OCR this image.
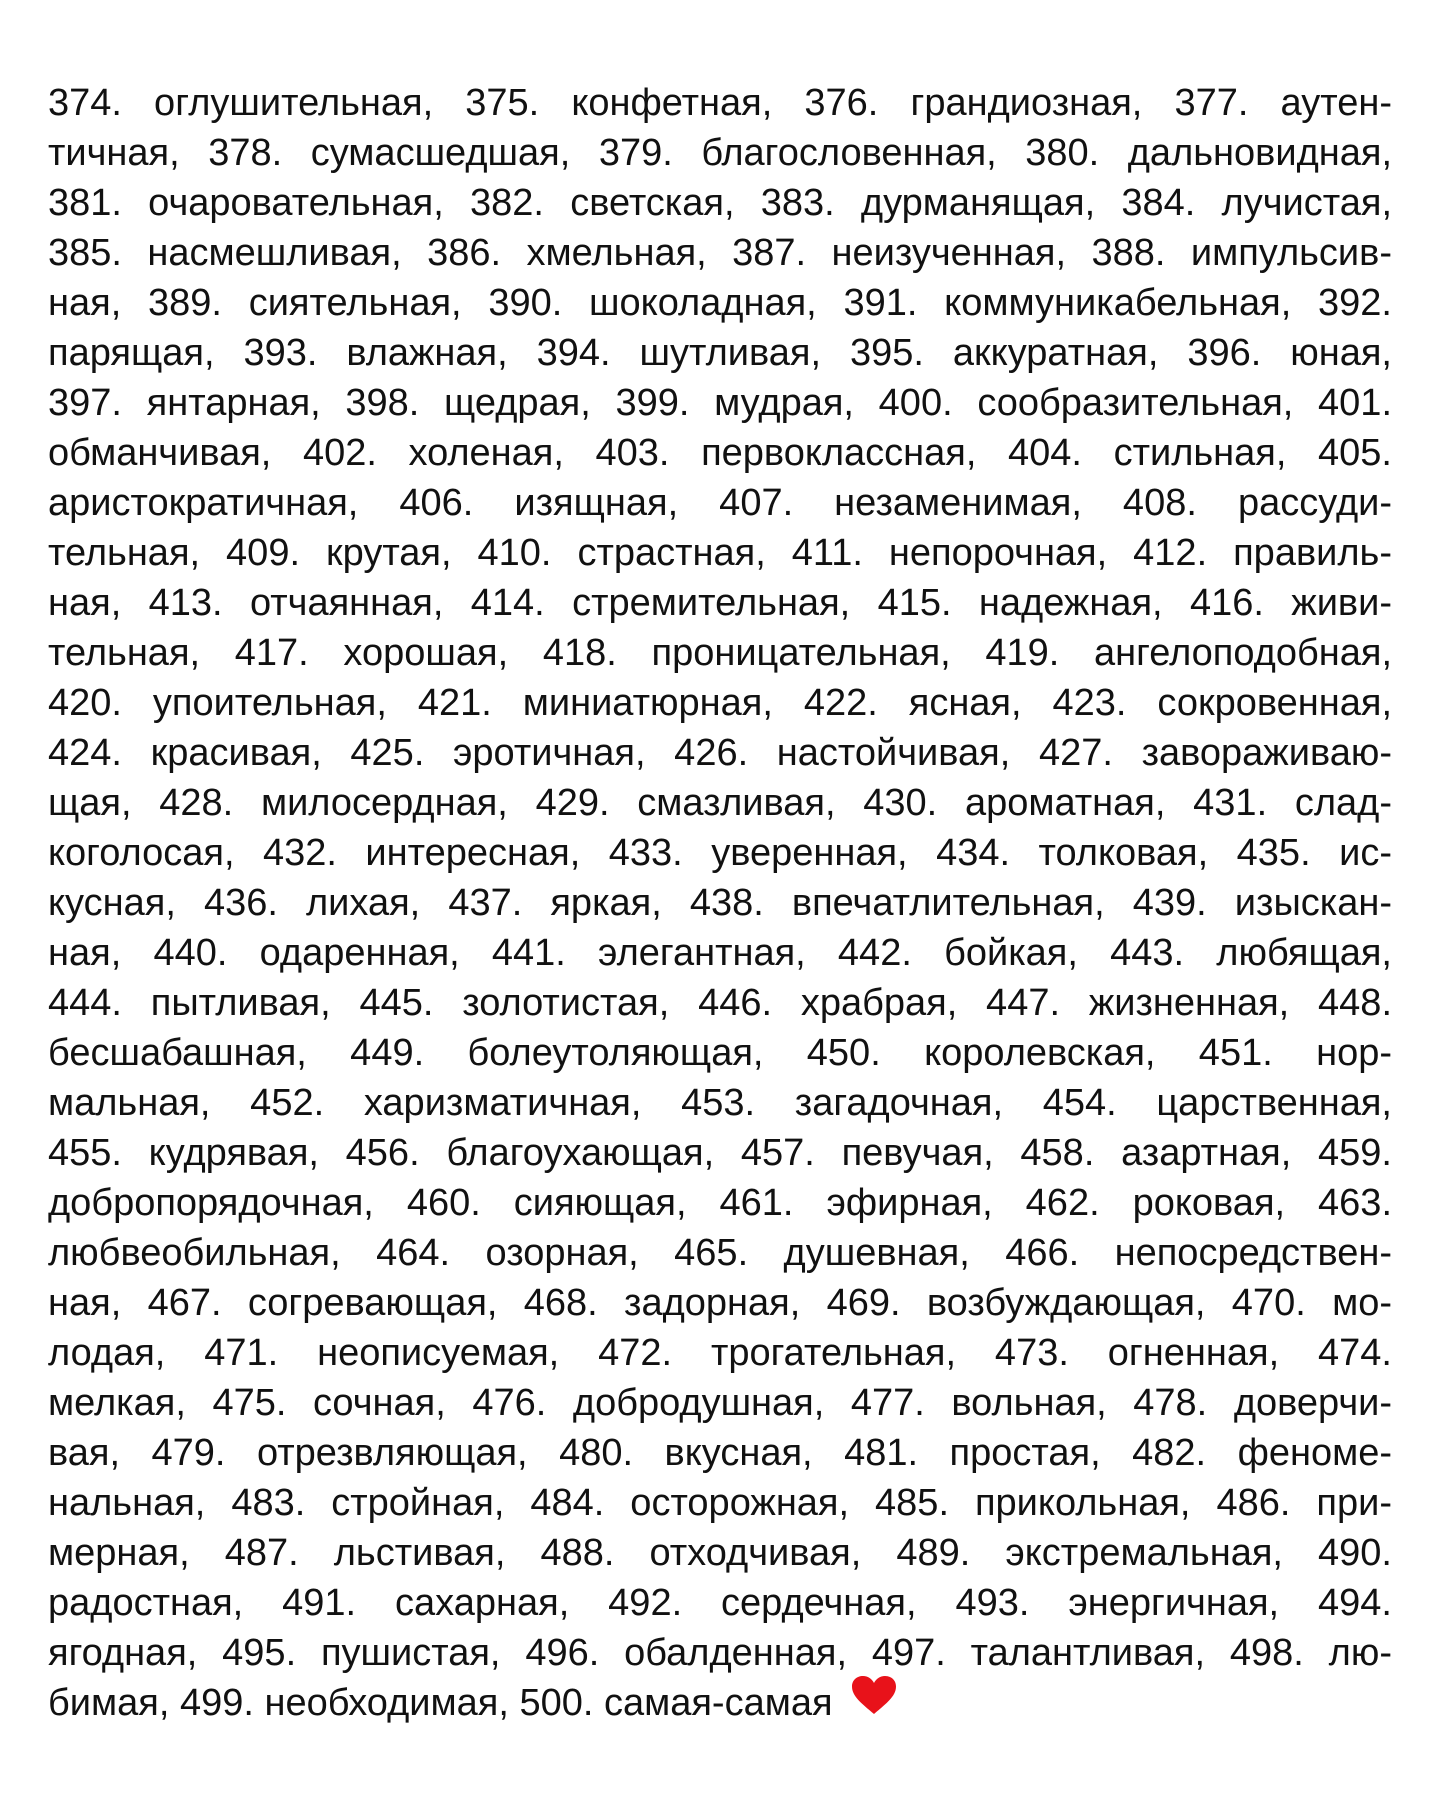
374. оглушительная, 375. конфетная, 376. грандиозная, 377. аутен-
тичная, 378. сумасшедшая, 379. благословенная, 380. дальновидная,
381. очаровательная, 382. светская, 383. дурманящая, 384. лучистая,
385. насмешливая, 386. хмельная, 387. неизученная, 388. импульсив-
ная, 389. сиятельная, 390. шоколадная, 391. коммуникабельная, 392.
парящая, 393. влажная, 394. шутливая, 395. аккуратная, 396. юная,
397. янтарная, 398. щедрая, 399. мудрая, 400. сообразительная, 401.
обманчивая, 402. холеная, 403. первоклассная, 404. стильная, 405.
аристократичная, 406. изящная, 407. незаменимая, 408. рассуди-
тельная, 409. крутая, 410. страстная, 411. непорочная, 412. правиль-
ная, 413. отчаянная, 414. стремительная, 415. надежная, 416. живи-
тельная, 417. хорошая, 418. проницательная, 419. ангелоподобная,
420. упоительная, 421. миниатюрная, 422. ясная, 423. сокровенная,
424. красивая, 425. эротичная, 426. настойчивая, 427. завораживаю-
щая, 428. милосердная, 429. смазливая, 430. ароматная, 431. слад-
коголосая, 432. интересная, 433. уверенная, 434. толковая, 435. ис-
кусная, 436. лихая, 437. яркая, 438. впечатлительная, 439. изыскан-
ная, 440. одаренная, 441. элегантная, 442. бойкая, 443. любящая,
444. пытливая, 445. золотистая, 446. храбрая, 447. жизненная, 448.
бесшабашная, 449. болеутоляющая, 450. королевская, 451. нор-
мальная, 452. харизматичная, 453. загадочная, 454. царственная,
455. кудрявая, 456. благоухающая, 457. певучая, 458. азартная, 459.
добропорядочная, 460. сияющая, 461. эфирная, 462. роковая, 463.
любвеобильная, 464. озорная, 465. душевная, 466. непосредствен-
ная, 467. согревающая, 468. задорная, 469. возбуждающая, 470. мо-
лодая, 471. неописуемая, 472. трогательная, 473. огненная, 474.
мелкая, 475. сочная, 476. добродушная, 477. вольная, 478. доверчи-
вая, 479. отрезвляющая, 480. вкусная, 481. простая, 482. феноме-
нальная, 483. стройная, 484. осторожная, 485. прикольная, 486. при-
мерная, 487. льстивая, 488. отходчивая, 489. экстремальная, 490.
радостная, 491. сахарная, 492. сердечная, 493. энергичная, 494.
ягодная, 495. пушистая, 496. обалденная, 497. талантливая, 498. лю-
бимая, 499. необходимая, 500. самая-самая
